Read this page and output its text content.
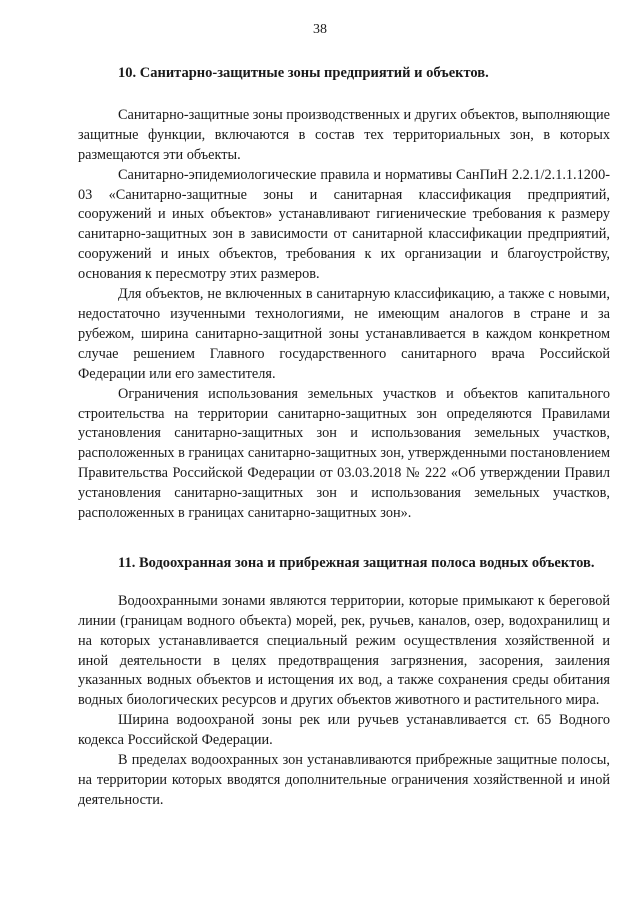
38
10. Санитарно-защитные зоны предприятий и объектов.

Санитарно-защитные зоны производственных и других объектов, выполняющие защитные функции, включаются в состав тех территориальных зон, в которых размещаются эти объекты.

Санитарно-эпидемиологические правила и нормативы СанПиН 2.2.1/2.1.1.1200-03 «Санитарно-защитные зоны и санитарная классификация предприятий, сооружений и иных объектов» устанавливают гигиенические требования к размеру санитарно-защитных зон в зависимости от санитарной классификации предприятий, сооружений и иных объектов, требования к их организации и благоустройству, основания к пересмотру этих размеров.

Для объектов, не включенных в санитарную классификацию, а также с новыми, недостаточно изученными технологиями, не имеющим аналогов в стране и за рубежом, ширина санитарно-защитной зоны устанавливается в каждом конкретном случае решением Главного государственного санитарного врача Российской Федерации или его заместителя.

Ограничения использования земельных участков и объектов капитального строительства на территории санитарно-защитных зон определяются Правилами установления санитарно-защитных зон и использования земельных участков, расположенных в границах санитарно-защитных зон, утвержденными постановлением Правительства Российской Федерации от 03.03.2018 № 222 «Об утверждении Правил установления санитарно-защитных зон и использования земельных участков, расположенных в границах санитарно-защитных зон».

11. Водоохранная зона и прибрежная защитная полоса водных объектов.

Водоохранными зонами являются территории, которые примыкают к береговой линии (границам водного объекта) морей, рек, ручьев, каналов, озер, водохранилищ и на которых устанавливается специальный режим осуществления хозяйственной и иной деятельности в целях предотвращения загрязнения, засорения, заиления указанных водных объектов и истощения их вод, а также сохранения среды обитания водных биологических ресурсов и других объектов животного и растительного мира.

Ширина водоохраной зоны рек или ручьев устанавливается ст. 65 Водного кодекса Российской Федерации.

В пределах водоохранных зон устанавливаются прибрежные защитные полосы, на территории которых вводятся дополнительные ограничения хозяйственной и иной деятельности.
